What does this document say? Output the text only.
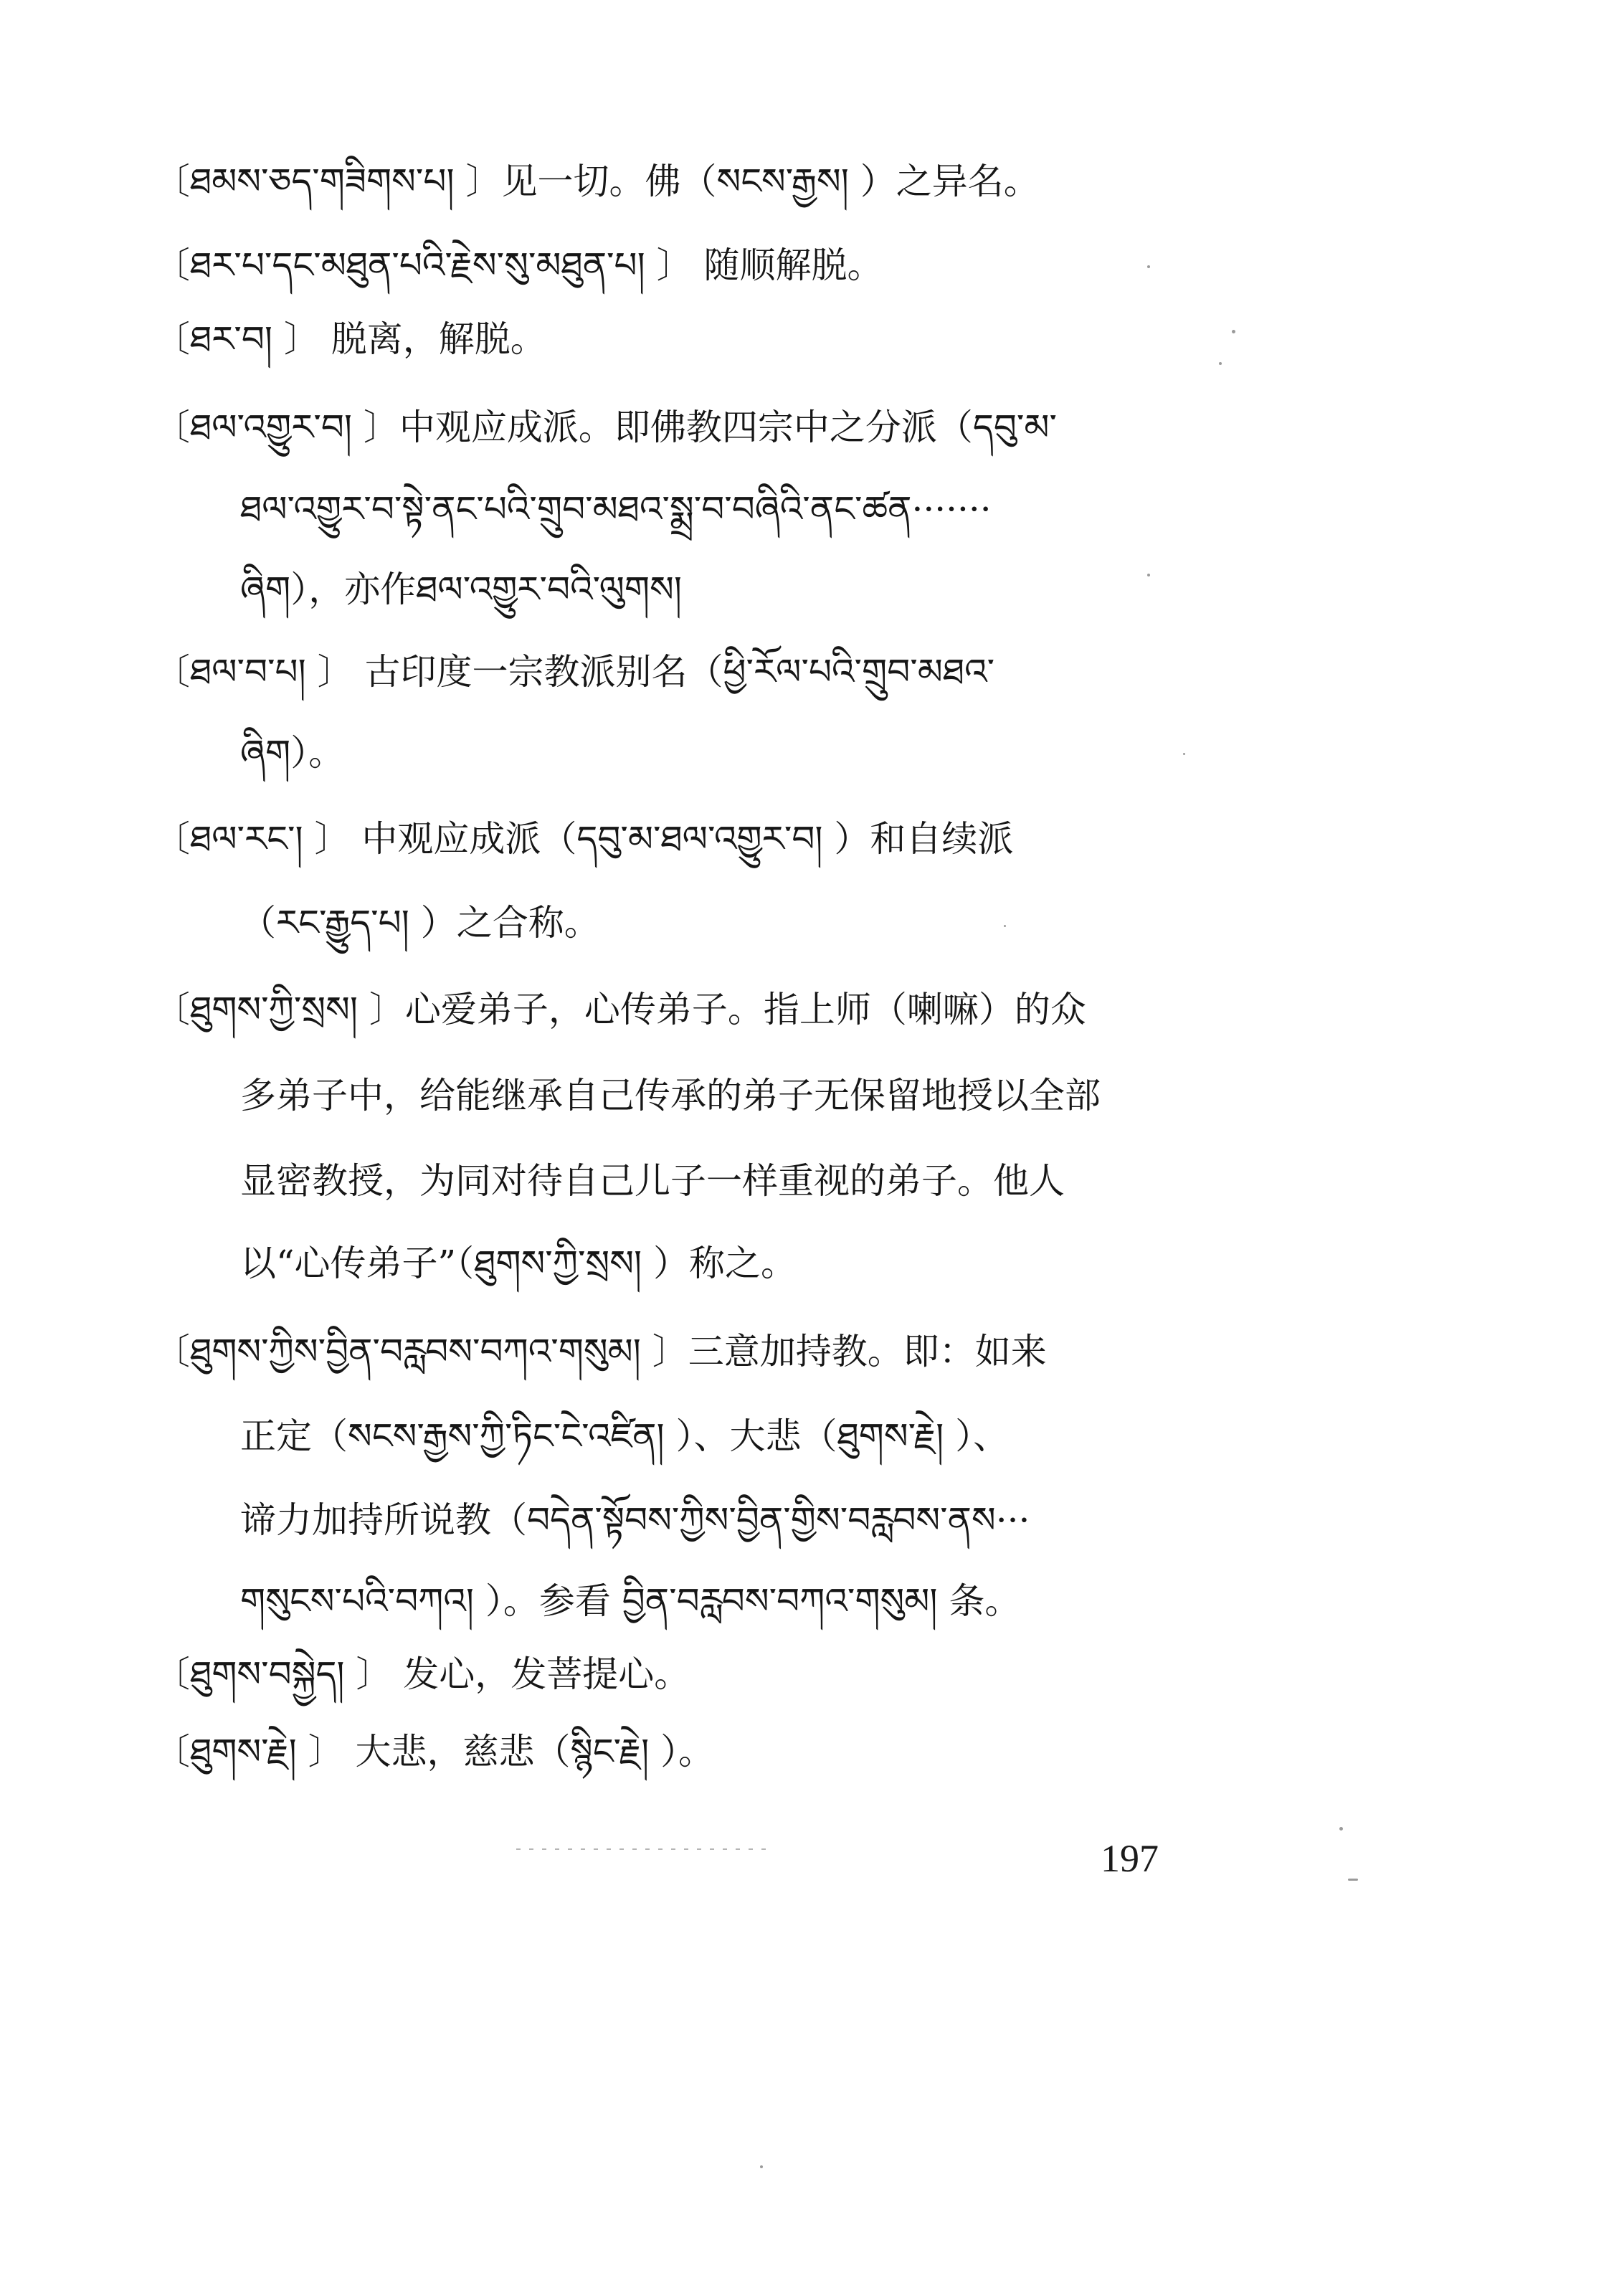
〔ཐམས་ཅད་གཟིགས་པ། 〕见一切。佛（སངས་རྒྱས། ）之异名。
〔ཐར་པ་དང་མཐུན་པའི་རྗེས་སུ་མཐུན་པ། 〕 随顺解脱。
〔ཐར་བ། 〕 脱离，解脱。
〔ཐལ་འགྱུར་བ། 〕中观应成派。即佛教四宗中之分派（དབུ་མ་
ཐལ་འགྱུར་བ་སྟེ་ནང་པའི་གྲུབ་མཐའ་སྨྲ་བ་བཞིའི་ནང་ཚན·······
ཞིག），亦作ཐལ་འགྱུར་བའི་ལུགས།
〔ཐལ་བ་པ། 〕 古印度一宗教派别名（ཕྱི་རོལ་པའི་གྲུབ་མཐའ་
ཞིག）。
〔ཐལ་རང་། 〕 中观应成派（དབུ་མ་ཐལ་འགྱུར་བ། ）和自续派
（རང་རྒྱུད་པ། ）之合称。
〔ཐུགས་ཀྱི་སྲས། 〕心爱弟子，心传弟子。指上师（喇嘛）的众
多弟子中，给能继承自己传承的弟子无保留地授以全部
显密教授，为同对待自己儿子一样重视的弟子。他人
以“心传弟子”（ཐུགས་ཀྱི་སྲས། ）称之。
〔ཐུགས་ཀྱིས་བྱིན་བརླབས་བཀའ་གསུམ། 〕三意加持教。即：如来
正定（སངས་རྒྱས་ཀྱི་ཏིང་ངེ་འཛིན། ）、大悲（ཐུགས་རྗེ། ）、
谛力加持所说教（བདེན་སྟོབས་ཀྱིས་བྱིན་གྱིས་བརླབས་ནས···
གསུངས་པའི་བཀའ། ）。参看 བྱིན་བརླབས་བཀའ་གསུམ། 条。
〔ཐུགས་བསྐྱེད། 〕 发心，发菩提心。
〔ཐུགས་རྗེ། 〕 大悲，慈悲（སྙིང་རྗེ། ）。
197
